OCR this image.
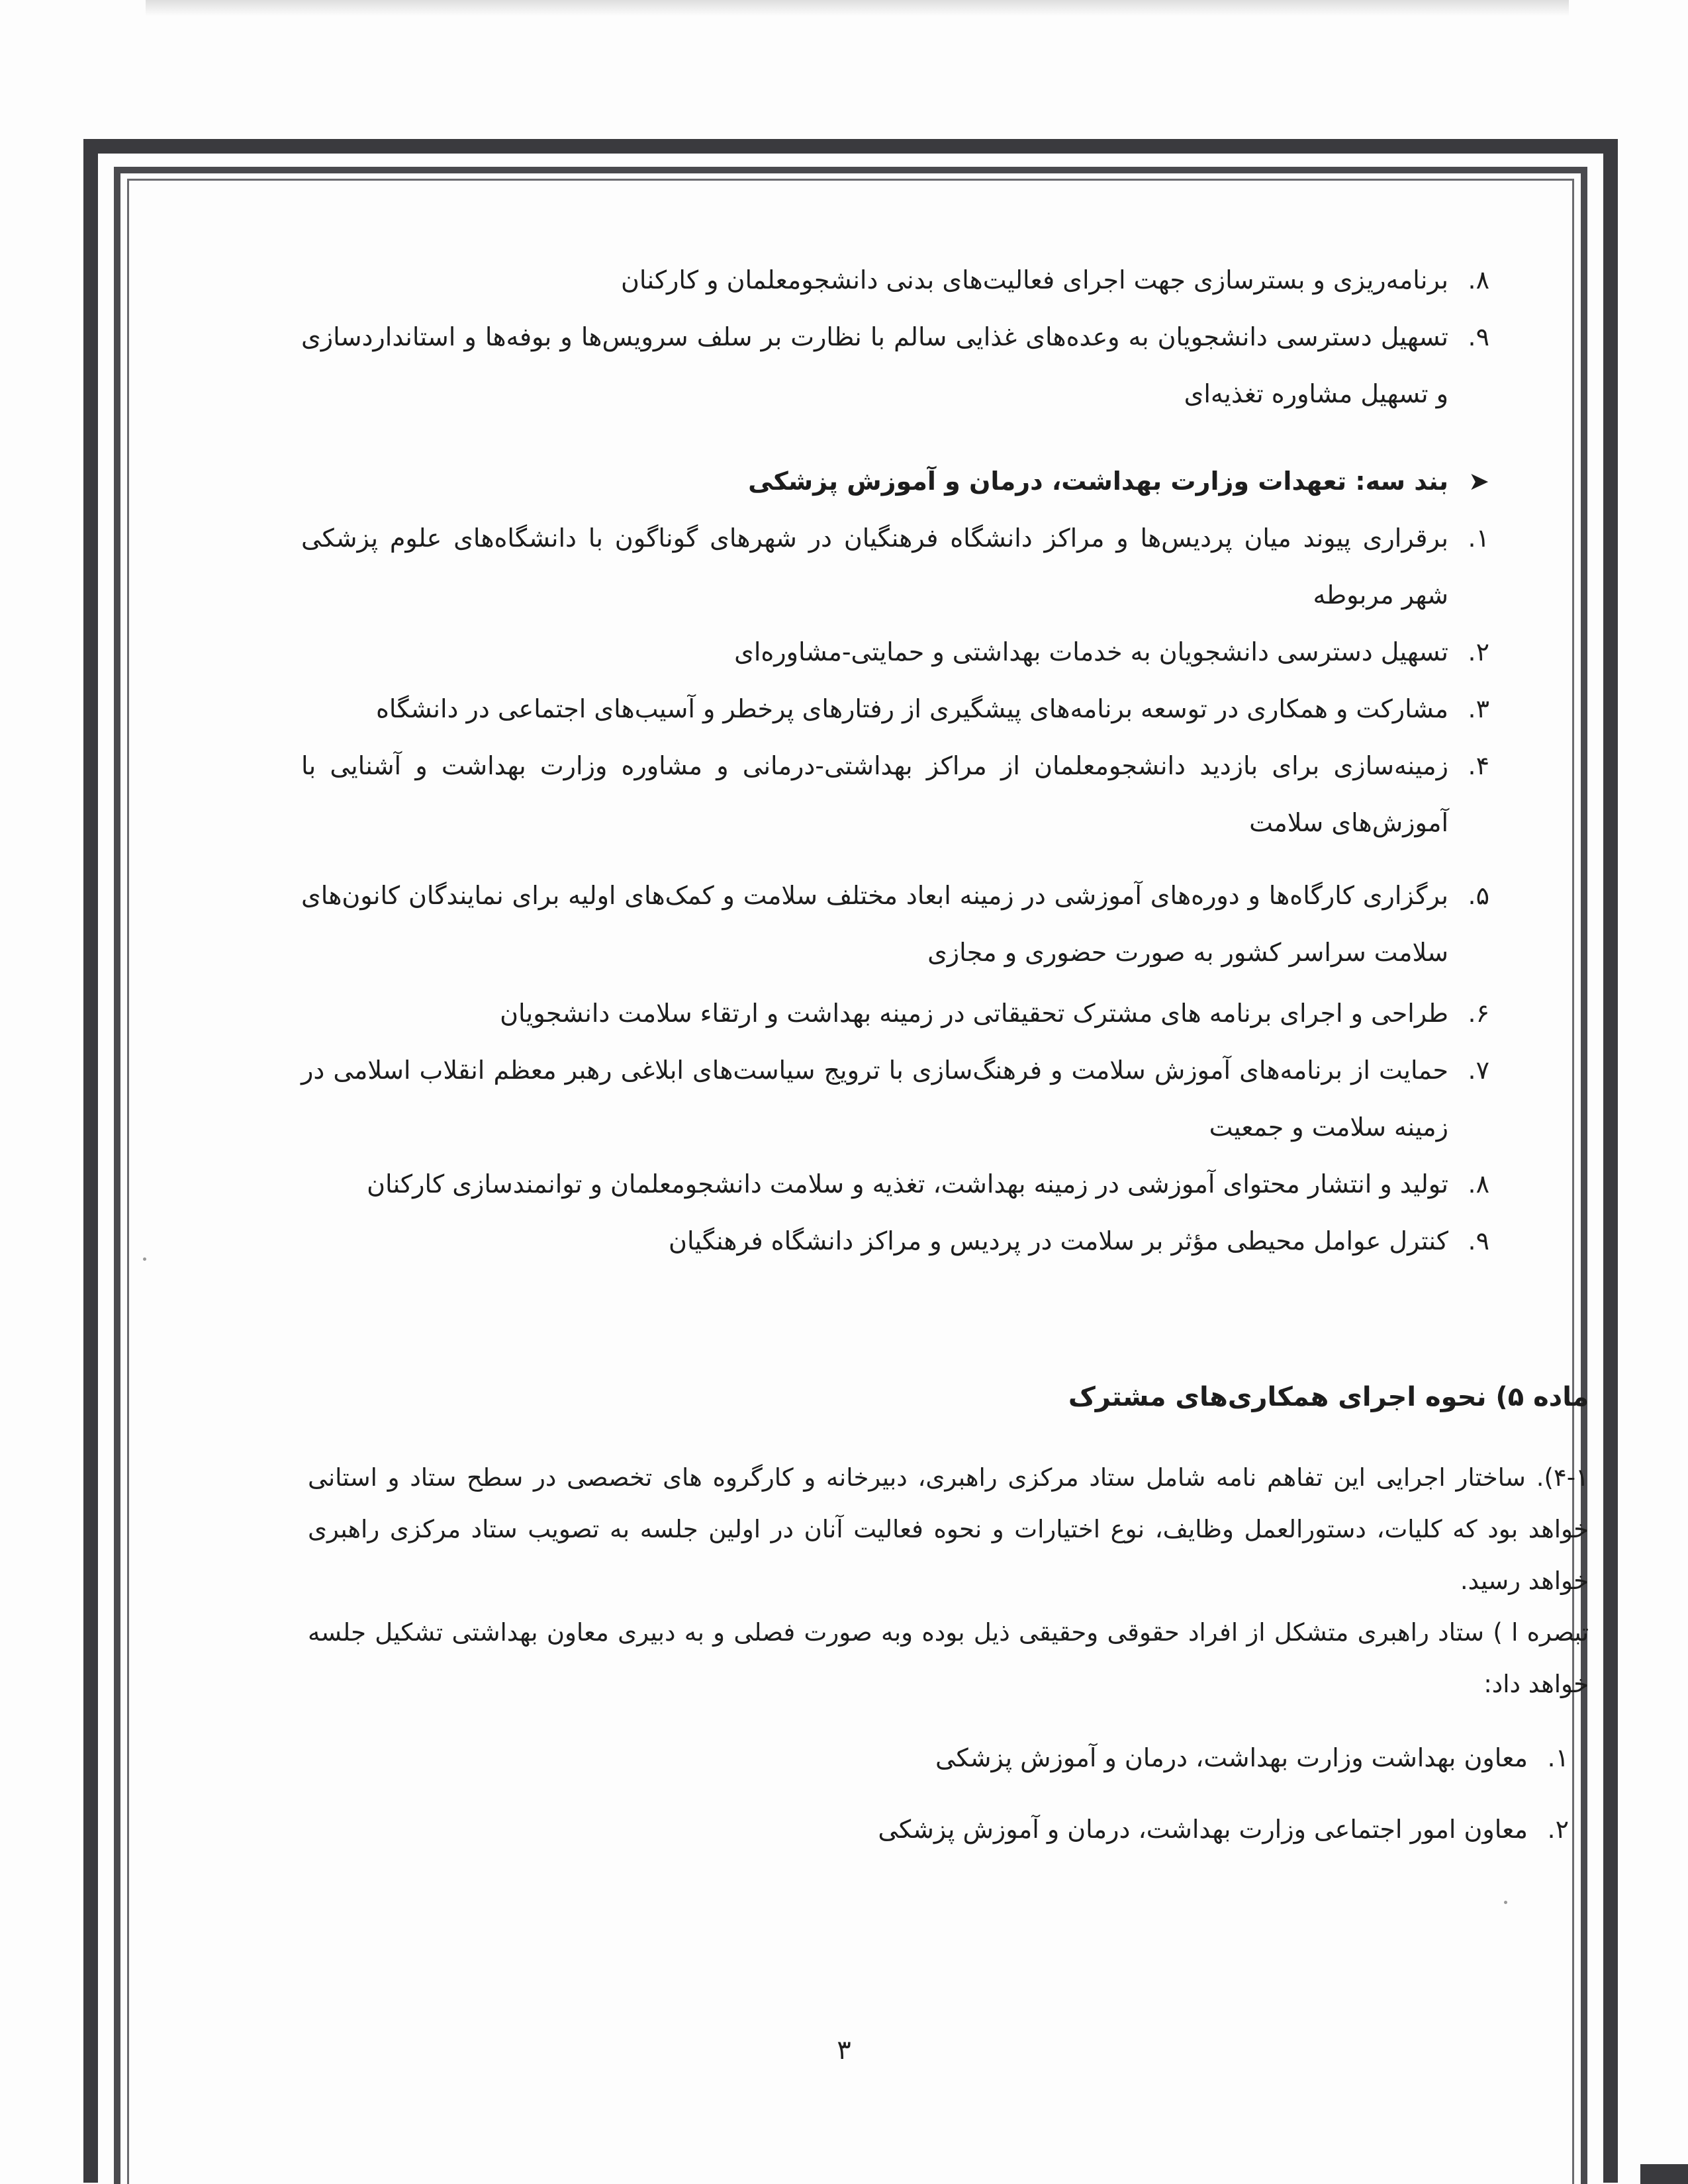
۸.
برنامه‌ریزی و بسترسازی جهت اجرای فعالیت‌های بدنی دانشجومعلمان و کارکنان
۹.
تسهیل دسترسی دانشجویان به وعده‌های غذایی سالم با نظارت بر سلف سرویس‌ها و بوفه‌ها و استانداردسازی و تسهیل مشاوره تغذیه‌ای
➤
بند سه: تعهدات وزارت بهداشت، درمان و آموزش پزشکی
۱.
برقراری پیوند میان پردیس‌ها و مراکز دانشگاه فرهنگیان در شهرهای گوناگون با دانشگاه‌های علوم پزشکی شهر مربوطه
۲.
تسهیل دسترسی دانشجویان به خدمات بهداشتی و حمایتی-مشاوره‌ای
۳.
مشارکت و همکاری در توسعه برنامه‌های پیشگیری از رفتارهای پرخطر و آسیب‌های اجتماعی در دانشگاه
۴.
زمینه‌سازی برای بازدید دانشجومعلمان از مراکز بهداشتی-درمانی و مشاوره وزارت بهداشت و آشنایی با آموزش‌های سلامت
۵.
برگزاری کارگاه‌ها و دوره‌های آموزشی در زمینه ابعاد مختلف سلامت و کمک‌های اولیه برای نمایندگان کانون‌های سلامت سراسر کشور به صورت حضوری و مجازی
۶.
طراحی و اجرای برنامه های مشترک تحقیقاتی در زمینه بهداشت و ارتقاء سلامت دانشجویان
۷.
حمایت از برنامه‌های آموزش سلامت و فرهنگ‌سازی با ترویج سیاست‌های ابلاغی رهبر معظم انقلاب اسلامی در زمینه سلامت و جمعیت
۸.
تولید و انتشار محتوای آموزشی در زمینه بهداشت، تغذیه و سلامت دانشجومعلمان و توانمندسازی کارکنان
۹.
کنترل عوامل محیطی مؤثر بر سلامت در پردیس و مراکز دانشگاه فرهنگیان
ماده ۵) نحوه اجرای همکاری‌های مشترک
۴-۱). ساختار اجرایی این تفاهم نامه شامل ستاد مرکزی راهبری، دبیرخانه و کارگروه های تخصصی در سطح ستاد و استانی خواهد بود که کلیات، دستورالعمل وظایف، نوع اختیارات و نحوه فعالیت آنان در اولین جلسه به تصویب ستاد مرکزی راهبری خواهد رسید.
تبصره ا ) ستاد راهبری متشکل از افراد حقوقی وحقیقی ذیل بوده وبه صورت فصلی و به دبیری معاون بهداشتی تشکیل جلسه خواهد داد:
۱.
معاون بهداشت وزارت بهداشت، درمان و آموزش پزشکی
۲.
معاون امور اجتماعی وزارت بهداشت، درمان و آموزش پزشکی
۳
